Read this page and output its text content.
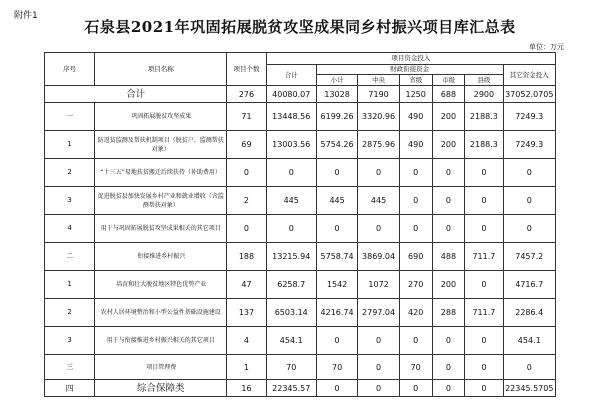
附件1
石泉县2021年巩固拓展脱贫攻坚成果同乡村振兴项目库汇总表
单位：万元
序号	项目名称	项目个数	项目资金投入						
			合计	财政衔接资金					其它资金投入
				小计	中央	省级	市级	县级	
合计		276	40080.07	13028	7190	1250	688	2900	37052.0705
一	巩固拓展脱贫攻坚成果	71	13448.56	6199.26	3320.96	490	200	2188.3	7249.3
1	防返贫监测及帮扶机制项目（脱贫户、监测帮扶对象）	69	13003.56	5754.26	2875.96	490	200	2188.3	7249.3
2	“十三五”易地扶贫搬迁后续扶持（补助费用）	0	0	0	0	0	0	0	0
3	促进脱贫县加快发展乡村产业和就业增收（含监测帮扶对象）	2	445	445	445	0	0	0	0
4	用于与巩固拓展脱贫攻坚成果相关的其它项目	0	0	0	0	0	0	0	0
二	衔接推进乡村振兴	188	13215.94	5758.74	3869.04	690	488	711.7	7457.2
1	培育和壮大脱贫地区特色优势产业	47	6258.7	1542	1072	270	200	0	4716.7
2	农村人居环境整治和小型公益性基础设施建设	137	6503.14	4216.74	2797.04	420	288	711.7	2286.4
3	用于与衔接推进乡村振兴相关的其它项目	4	454.1	0	0	0	0	0	454.1
三	项目管理费	1	70	70	0	70	0	0	0
四	综合保障类	16	22345.57	0	0	0	0	0	22345.5705
